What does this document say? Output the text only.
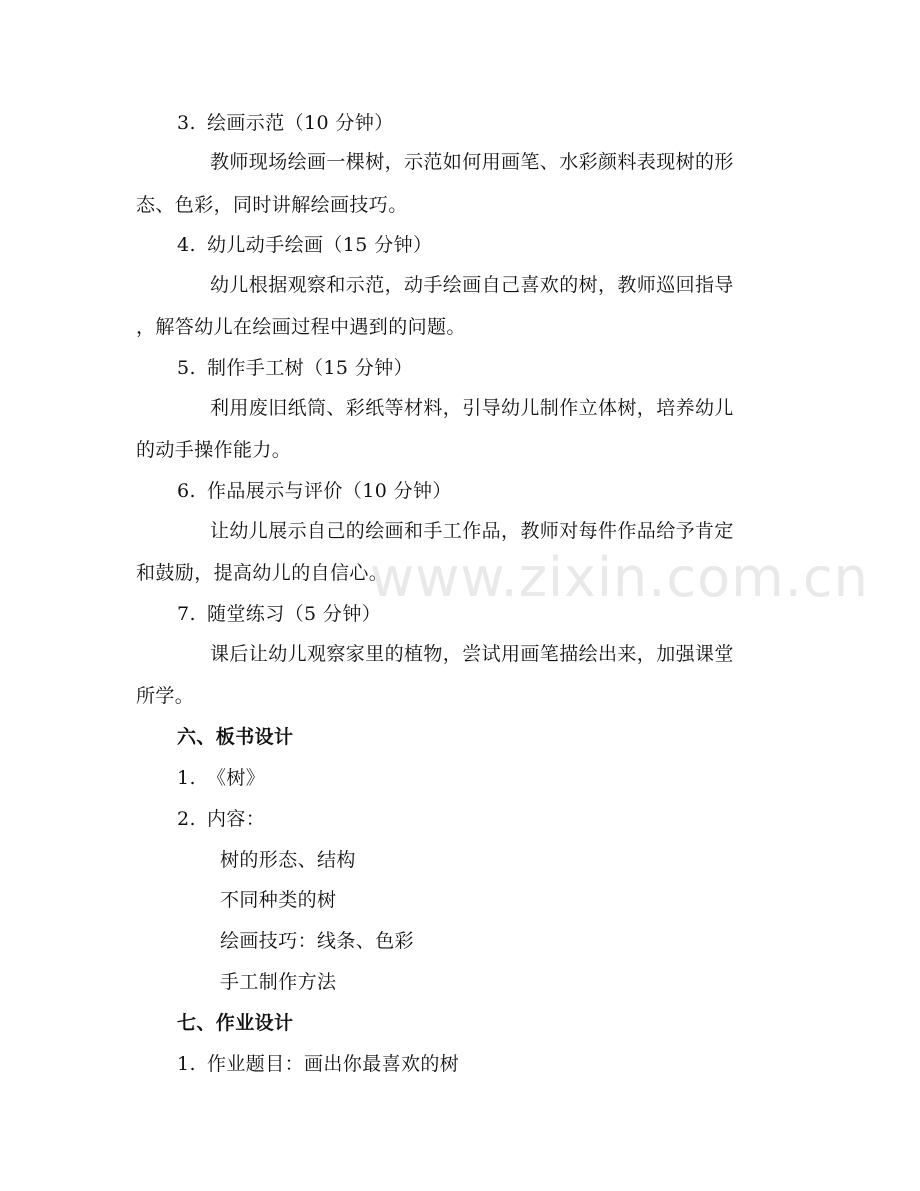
www.zixin.com.cn
3. 绘画示范（10 分钟）
教师现场绘画一棵树，示范如何用画笔、水彩颜料表现树的形
态、色彩，同时讲解绘画技巧。
4. 幼儿动手绘画（15 分钟）
幼儿根据观察和示范，动手绘画自己喜欢的树，教师巡回指导
，解答幼儿在绘画过程中遇到的问题。
5. 制作手工树（15 分钟）
利用废旧纸筒、彩纸等材料，引导幼儿制作立体树，培养幼儿
的动手操作能力。
6. 作品展示与评价（10 分钟）
让幼儿展示自己的绘画和手工作品，教师对每件作品给予肯定
和鼓励，提高幼儿的自信心。
7. 随堂练习（5 分钟）
课后让幼儿观察家里的植物，尝试用画笔描绘出来，加强课堂
所学。
六、板书设计
1. 《树》
2. 内容：
树的形态、结构
不同种类的树
绘画技巧：线条、色彩
手工制作方法
七、作业设计
1. 作业题目：画出你最喜欢的树
